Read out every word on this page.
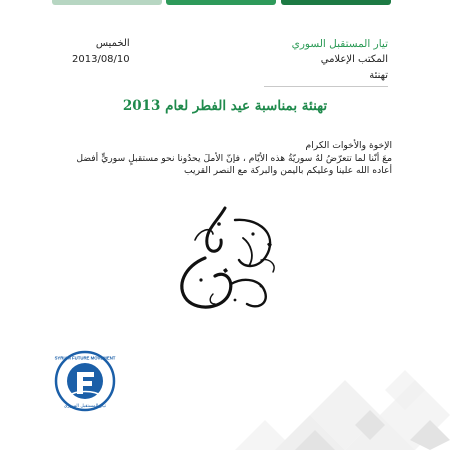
تيار المستقبل السوري
المكتب الإعلامي
تهنئة
الخميس
2013/08/10
تهنئة بمناسبة عيد الفطر لعام 2013
الإخوة والأخوات الكرام
معَ أنّنا لما تتعرّضُ لهُ سوريّةُ هذه الأيّام ، فإنّ الأملَ يحدُونا نحو مستقبلٍ سوريٍّ أفضل
أعاده الله علينا وعليكم باليمن والبركة مع النصر القريب
SYRIAN FUTURE MOVEMENT
تيار المستقبل السوري
